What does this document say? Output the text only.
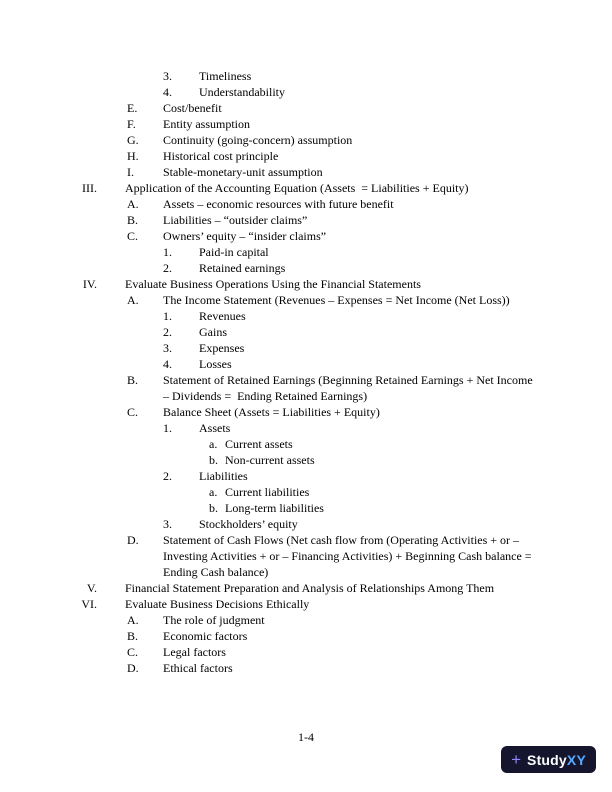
3.	Timeliness
4.	Understandability
E.	Cost/benefit
F.	Entity assumption
G.	Continuity (going-concern) assumption
H.	Historical cost principle
I.	Stable-monetary-unit assumption
III. Application of the Accounting Equation (Assets  = Liabilities + Equity)
A.	Assets – economic resources with future benefit
B.	Liabilities – “outsider claims”
C.	Owners’ equity – “insider claims”
1.	Paid-in capital
2.	Retained earnings
IV. Evaluate Business Operations Using the Financial Statements
A.	The Income Statement (Revenues – Expenses = Net Income (Net Loss))
1.	Revenues
2.	Gains
3.	Expenses
4.	Losses
B.	Statement of Retained Earnings (Beginning Retained Earnings + Net Income – Dividends =  Ending Retained Earnings)
C.	Balance Sheet (Assets = Liabilities + Equity)
1.	Assets
a. Current assets
b. Non-current assets
2.	Liabilities
a. Current liabilities
b. Long-term liabilities
3.	Stockholders’ equity
D.	Statement of Cash Flows (Net cash flow from (Operating Activities + or – Investing Activities + or – Financing Activities) + Beginning Cash balance = Ending Cash balance)
V. Financial Statement Preparation and Analysis of Relationships Among Them
VI. Evaluate Business Decisions Ethically
A.	The role of judgment
B.	Economic factors
C.	Legal factors
D.	Ethical factors
1-4
+ StudyXY
